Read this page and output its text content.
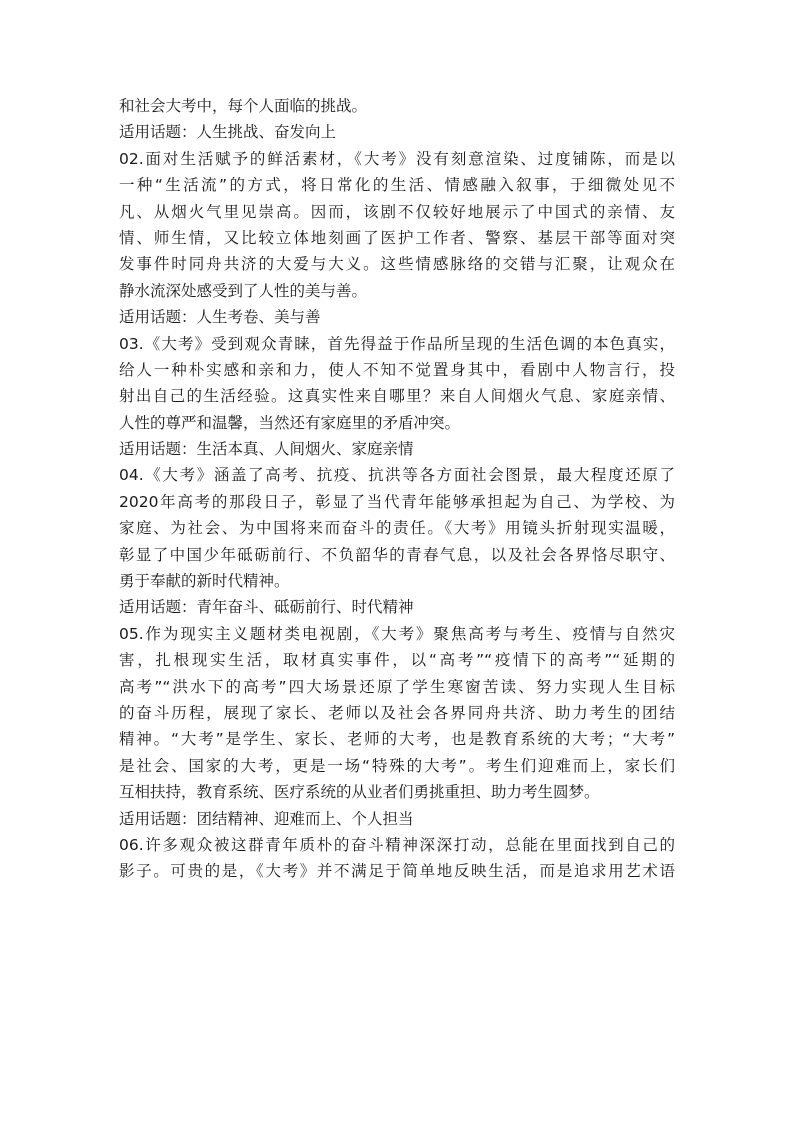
和社会大考中，每个人面临的挑战。
适用话题：人生挑战、奋发向上
02.面对生活赋予的鲜活素材，《大考》没有刻意渲染、过度铺陈，而是以
一种“生活流”的方式，将日常化的生活、情感融入叙事，于细微处见不
凡、从烟火气里见崇高。因而，该剧不仅较好地展示了中国式的亲情、友
情、师生情，又比较立体地刻画了医护工作者、警察、基层干部等面对突
发事件时同舟共济的大爱与大义。这些情感脉络的交错与汇聚，让观众在
静水流深处感受到了人性的美与善。
适用话题：人生考卷、美与善
03.《大考》受到观众青睐，首先得益于作品所呈现的生活色调的本色真实，
给人一种朴实感和亲和力，使人不知不觉置身其中，看剧中人物言行，投
射出自己的生活经验。这真实性来自哪里？来自人间烟火气息、家庭亲情、
人性的尊严和温馨，当然还有家庭里的矛盾冲突。
适用话题：生活本真、人间烟火、家庭亲情
04.《大考》涵盖了高考、抗疫、抗洪等各方面社会图景，最大程度还原了
2020年高考的那段日子，彰显了当代青年能够承担起为自己、为学校、为
家庭、为社会、为中国将来而奋斗的责任。《大考》用镜头折射现实温暖，
彰显了中国少年砥砺前行、不负韶华的青春气息，以及社会各界恪尽职守、
勇于奉献的新时代精神。
适用话题：青年奋斗、砥砺前行、时代精神
05.作为现实主义题材类电视剧，《大考》聚焦高考与考生、疫情与自然灾
害，扎根现实生活，取材真实事件，以“高考”“疫情下的高考”“延期的
高考”“洪水下的高考”四大场景还原了学生寒窗苦读、努力实现人生目标
的奋斗历程，展现了家长、老师以及社会各界同舟共济、助力考生的团结
精神。“大考”是学生、家长、老师的大考，也是教育系统的大考；“大考”
是社会、国家的大考，更是一场“特殊的大考”。考生们迎难而上，家长们
互相扶持，教育系统、医疗系统的从业者们勇挑重担、助力考生圆梦。
适用话题：团结精神、迎难而上、个人担当
06.许多观众被这群青年质朴的奋斗精神深深打动，总能在里面找到自己的
影子。可贵的是，《大考》并不满足于简单地反映生活，而是追求用艺术语
